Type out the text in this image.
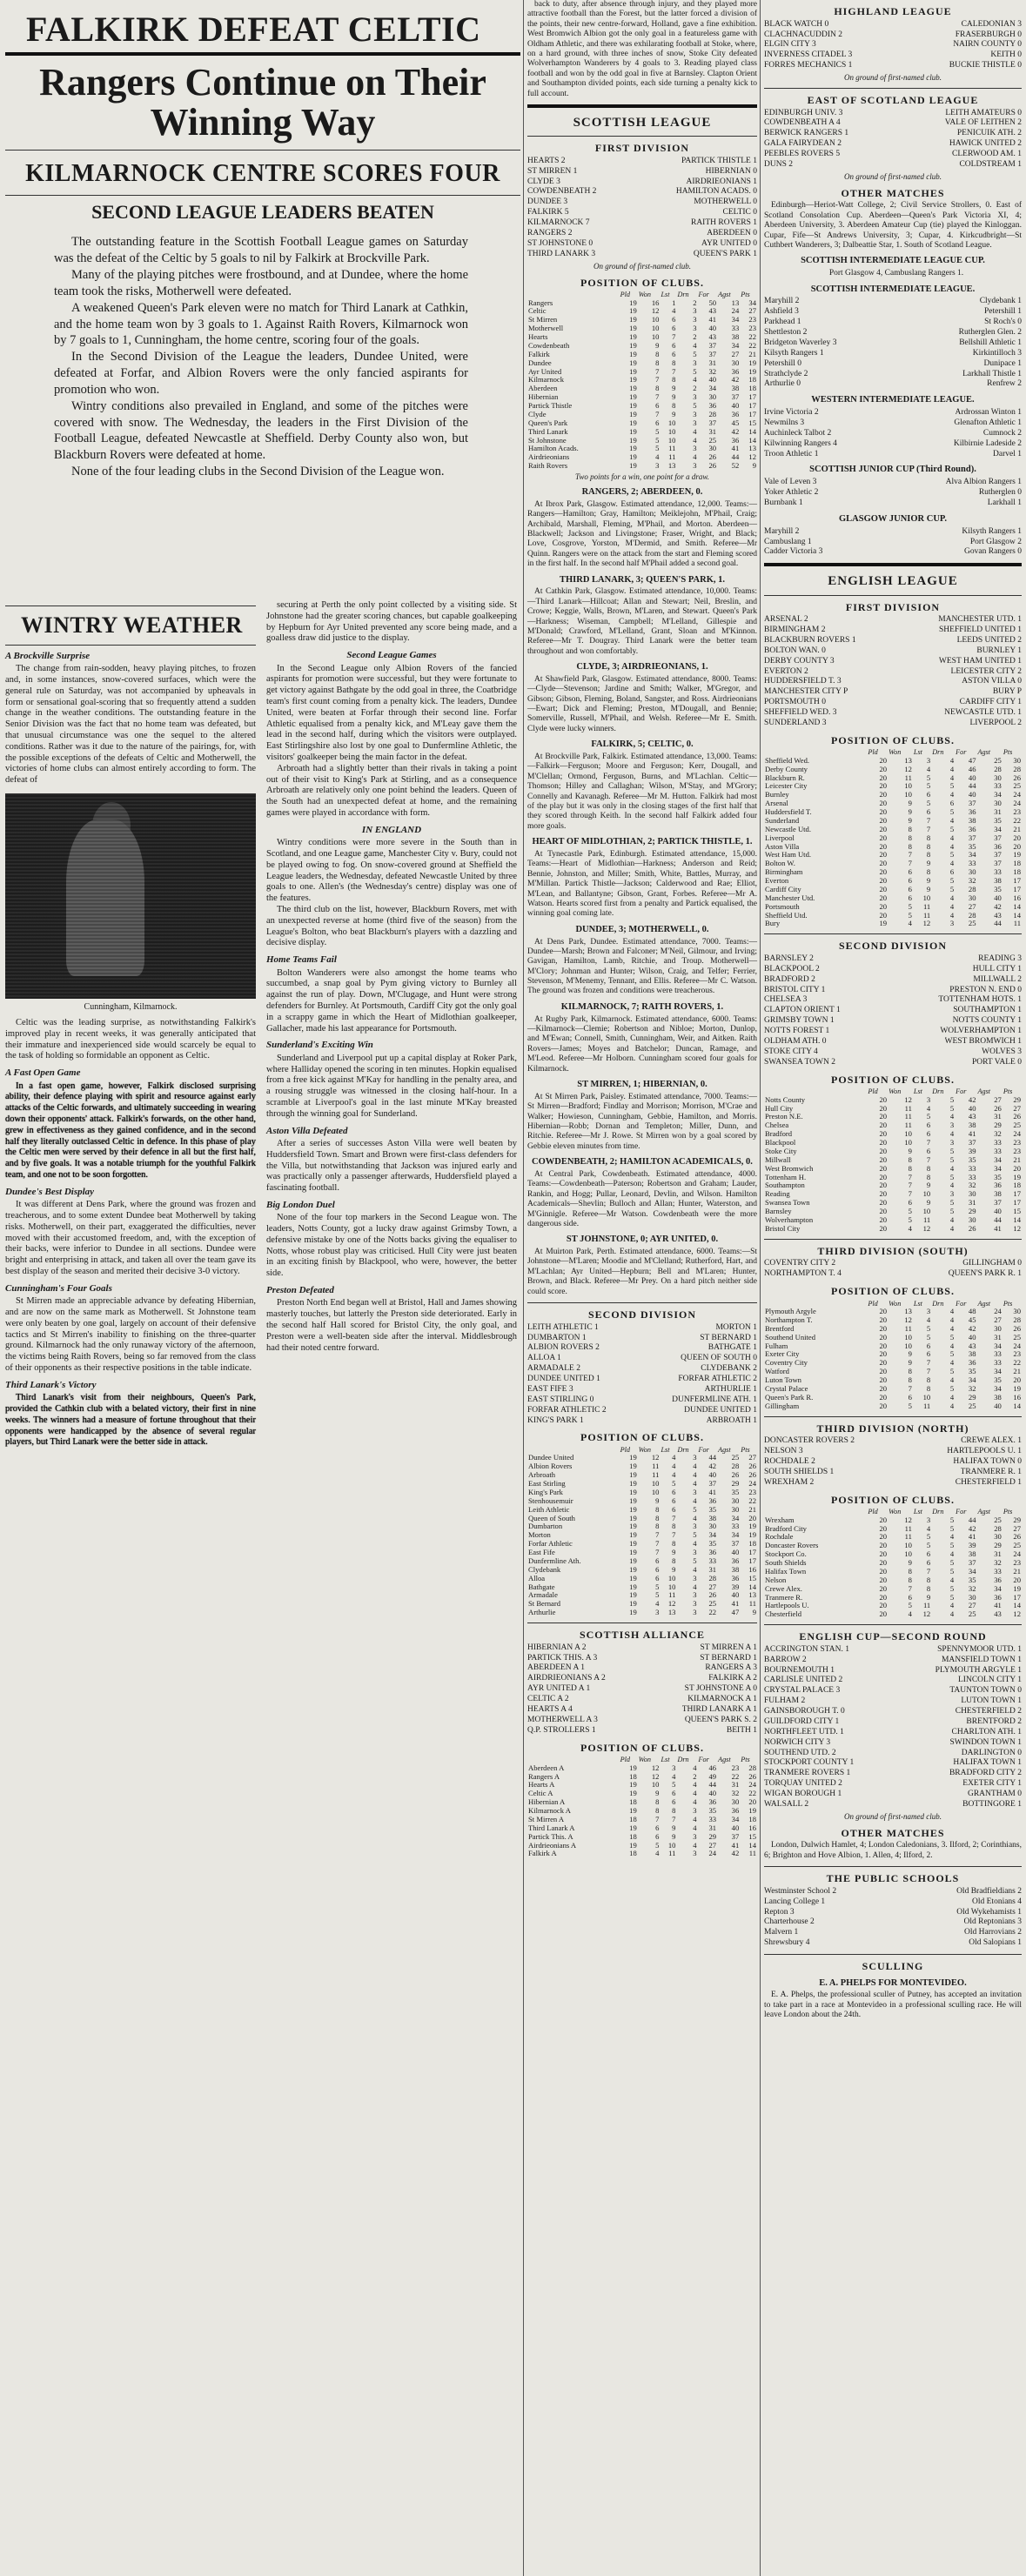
FALKIRK DEFEAT CELTIC
Rangers Continue on Their Winning Way
KILMARNOCK CENTRE SCORES FOUR
SECOND LEAGUE LEADERS BEATEN

The outstanding feature in the Scottish Football League games on Saturday was the defeat of the Celtic by 5 goals to nil by Falkirk at Brockville Park.

Many of the playing pitches were frostbound, and at Dundee, where the home team took the risks, Motherwell were defeated.

A weakened Queen's Park eleven were no match for Third Lanark at Cathkin, and the home team won by 3 goals to 1. Against Raith Rovers, Kilmarnock won by 7 goals to 1, Cunningham, the home centre, scoring four of the goals.

In the Second Division of the League the leaders, Dundee United, were defeated at Forfar, and Albion Rovers were the only fancied aspirants for promotion who won.

Wintry conditions also prevailed in England, and some of the pitches were covered with snow. The Wednesday, the leaders in the First Division of the Football League, defeated Newcastle at Sheffield. Derby County also won, but Blackburn Rovers were defeated at home.

None of the four leading clubs in the Second Division of the League won.

WINTRY WEATHER
A Brockville Surprise

The change from rain-sodden, heavy playing pitches, to frozen and, in some instances, snow-covered surfaces, which were the general rule on Saturday, was not accompanied by upheavals in form or sensational goal-scoring that so frequently attend a sudden change in the weather conditions. The outstanding feature in the Senior Division was the fact that no home team was defeated, but that unusual circumstance was one the sequel to the altered conditions. Rather was it due to the nature of the pairings, for, with the possible exceptions of the defeats of Celtic and Motherwell, the victories of home clubs can almost entirely according to form. The defeat of

Cunningham, Kilmarnock.

Celtic was the leading surprise, as notwithstanding Falkirk's improved play in recent weeks, it was generally anticipated that their immature and inexperienced side would scarcely be equal to the task of holding so formidable an opponent as Celtic.

A Fast Open Game

In a fast open game, however, Falkirk disclosed surprising ability, their defence playing with spirit and resource against early attacks of the Celtic forwards, and ultimately succeeding in wearing down their opponents' attack. Falkirk's forwards, on the other hand, grew in effectiveness as they gained confidence, and in the second half they literally outclassed Celtic in defence. In this phase of play the Celtic men were served by their defence in all but the first half, and by five goals. It was a notable triumph for the youthful Falkirk team, and one not to be soon forgotten.

Dundee's Best Display

It was different at Dens Park, where the ground was frozen and treacherous, and to some extent Dundee beat Motherwell by taking risks. Motherwell, on their part, exaggerated the difficulties, never moved with their accustomed freedom, and, with the exception of their backs, were inferior to Dundee in all sections. Dundee were bright and enterprising in attack, and taken all over the team gave its best display of the season and merited their decisive 3-0 victory.

Cunningham's Four Goals

St Mirren made an appreciable advance by defeating Hibernian, and are now on the same mark as Motherwell. St Johnstone team were only beaten by one goal, largely on account of their defensive tactics and St Mirren's inability to finishing on the three-quarter ground. Kilmarnock had the only runaway victory of the afternoon, the victims being Raith Rovers, being so far removed from the class of their opponents as their respective positions in the table indicate.

Third Lanark's Victory

Third Lanark's visit from their neighbours, Queen's Park, provided the Cathkin club with a belated victory, their first in nine weeks. The winners had a measure of fortune throughout that their opponents were handicapped by the absence of several regular players, but Third Lanark were the better side in attack.

securing at Perth the only point collected by a visiting side. St Johnstone had the greater scoring chances, but capable goalkeeping by Hepburn for Ayr United prevented any score being made, and a goalless draw did justice to the display.

Second League Games

In the Second League only Albion Rovers of the fancied aspirants for promotion were successful, but they were fortunate to get victory against Bathgate by the odd goal in three, the Coatbridge team's first count coming from a penalty kick. The leaders, Dundee United, were beaten at Forfar through their second line. Forfar Athletic equalised from a penalty kick, and M'Leay gave them the lead in the second half, during which the visitors were outplayed. East Stirlingshire also lost by one goal to Dunfermline Athletic, the visitors' goalkeeper being the main factor in the defeat.

Arbroath had a slightly better than their rivals in taking a point out of their visit to King's Park at Stirling, and as a consequence Arbroath are relatively only one point behind the leaders. Queen of the South had an unexpected defeat at home, and the remaining games were played in accordance with form.

IN ENGLAND

Wintry conditions were more severe in the South than in Scotland, and one League game, Manchester City v. Bury, could not be played owing to fog. On snow-covered ground at Sheffield the League leaders, the Wednesday, defeated Newcastle United by three goals to one. Allen's (the Wednesday's centre) display was one of the features.

The third club on the list, however, Blackburn Rovers, met with an unexpected reverse at home (third five of the season) from the League's Bolton, who beat Blackburn's players with a dazzling and decisive display.

Home Teams Fail

Bolton Wanderers were also amongst the home teams who succumbed, a snap goal by Pym giving victory to Burnley all against the run of play. Down, M'Clugage, and Hunt were strong defenders for Burnley. At Portsmouth, Cardiff City got the only goal in a scrappy game in which the Heart of Midlothian goalkeeper, Gallacher, made his last appearance for Portsmouth.

Sunderland's Exciting Win

Sunderland and Liverpool put up a capital display at Roker Park, where Halliday opened the scoring in ten minutes. Hopkin equalised from a free kick against M'Kay for handling in the penalty area, and a rousing struggle was witnessed in the closing half-hour. In a scramble at Liverpool's goal in the last minute M'Kay breasted through the winning goal for Sunderland.

Aston Villa Defeated

After a series of successes Aston Villa were well beaten by Huddersfield Town. Smart and Brown were first-class defenders for the Villa, but notwithstanding that Jackson was injured early and was practically only a passenger afterwards, Huddersfield played a fascinating football.

Big London Duel

None of the four top markers in the Second League won. The leaders, Notts County, got a lucky draw against Grimsby Town, a defensive mistake by one of the Notts backs giving the equaliser to Notts, whose robust play was criticised. Hull City were just beaten in an exciting finish by Blackpool, who were, however, the better side.

Preston Defeated

Preston North End began well at Bristol, Hall and James showing masterly touches, but latterly the Preston side deteriorated. Early in the second half Hall scored for Bristol City, the only goal, and Preston were a well-beaten side after the interval. Middlesbrough had their noted centre forward.

back to duty, after absence through injury, and they played more attractive football than the Forest, but the latter forced a division of the points, their new centre-forward, Holland, gave a fine exhibition. West Bromwich Albion got the only goal in a featureless game with Oldham Athletic, and there was exhilarating football at Stoke, where, on a hard ground, with three inches of snow, Stoke City defeated Wolverhampton Wanderers by 4 goals to 3. Reading played class football and won by the odd goal in five at Barnsley. Clapton Orient and Southampton divided points, each side turning a penalty kick to full account.

SCOTTISH LEAGUE
FIRST DIVISION
HEARTS 2	PARTICK THISTLE 1
ST MIRREN 1	HIBERNIAN 0
CLYDE 3	AIRDRIEONIANS 1
COWDENBEATH 2	HAMILTON ACADS. 0
DUNDEE 3	MOTHERWELL 0
FALKIRK 5	CELTIC 0
KILMARNOCK 7	RAITH ROVERS 1
RANGERS 2	ABERDEEN 0
ST JOHNSTONE 0	AYR UNITED 0
THIRD LANARK 3	QUEEN'S PARK 1
On ground of first-named club.
POSITION OF CLUBS.
	Pld	Won	Lst	Drn	For	Agst	Pts
Rangers	19	16	1	2	50	13	34
Celtic	19	12	4	3	43	24	27
St Mirren	19	10	6	3	41	34	23
Motherwell	19	10	6	3	40	33	23
Hearts	19	10	7	2	43	38	22
Cowdenbeath	19	9	6	4	37	34	22
Falkirk	19	8	6	5	37	27	21
Dundee	19	8	8	3	31	30	19
Ayr United	19	7	7	5	32	36	19
Kilmarnock	19	7	8	4	40	42	18
Aberdeen	19	8	9	2	34	38	18
Hibernian	19	7	9	3	30	37	17
Partick Thistle	19	6	8	5	36	40	17
Clyde	19	7	9	3	28	36	17
Queen's Park	19	6	10	3	37	45	15
Third Lanark	19	5	10	4	31	42	14
St Johnstone	19	5	10	4	25	36	14
Hamilton Acads.	19	5	11	3	30	41	13
Airdrieonians	19	4	11	4	26	44	12
Raith Rovers	19	3	13	3	26	52	9
Two points for a win, one point for a draw.
RANGERS, 2; ABERDEEN, 0.

At Ibrox Park, Glasgow. Estimated attendance, 12,000. Teams:—Rangers—Hamilton; Gray, Hamilton; Meiklejohn, M'Phail, Craig; Archibald, Marshall, Fleming, M'Phail, and Morton. Aberdeen—Blackwell; Jackson and Livingstone; Fraser, Wright, and Black; Love, Cosgrove, Yorston, M'Dermid, and Smith. Referee—Mr Quinn. Rangers were on the attack from the start and Fleming scored in the first half. In the second half M'Phail added a second goal.

THIRD LANARK, 3; QUEEN'S PARK, 1.

At Cathkin Park, Glasgow. Estimated attendance, 10,000. Teams:—Third Lanark—Hillcoat; Allan and Stewart; Neil, Breslin, and Crowe; Keggie, Walls, Brown, M'Laren, and Stewart. Queen's Park—Harkness; Wiseman, Campbell; M'Lelland, Gillespie and M'Donald; Crawford, M'Lelland, Grant, Sloan and M'Kinnon. Referee—Mr T. Dougray. Third Lanark were the better team throughout and won comfortably.

CLYDE, 3; AIRDRIEONIANS, 1.

At Shawfield Park, Glasgow. Estimated attendance, 8000. Teams:—Clyde—Stevenson; Jardine and Smith; Walker, M'Gregor, and Gibson; Gibson, Fleming, Boland, Sangster, and Ross. Airdrieonians—Ewart; Dick and Fleming; Preston, M'Dougall, and Bennie; Somerville, Russell, M'Phail, and Welsh. Referee—Mr E. Smith. Clyde were lucky winners.

FALKIRK, 5; CELTIC, 0.

At Brockville Park, Falkirk. Estimated attendance, 13,000. Teams:—Falkirk—Ferguson; Moore and Ferguson; Kerr, Dougall, and M'Clellan; Ormond, Ferguson, Burns, and M'Lachlan. Celtic—Thomson; Hilley and Callaghan; Wilson, M'Stay, and M'Grory; Connelly and Kavanagh. Referee—Mr M. Hutton. Falkirk had most of the play but it was only in the closing stages of the first half that they scored through Keith. In the second half Falkirk added four more goals.

HEART OF MIDLOTHIAN, 2; PARTICK THISTLE, 1.

At Tynecastle Park, Edinburgh. Estimated attendance, 15,000. Teams:—Heart of Midlothian—Harkness; Anderson and Reid; Bennie, Johnston, and Miller; Smith, White, Battles, Murray, and M'Millan. Partick Thistle—Jackson; Calderwood and Rae; Elliot, M'Lean, and Ballantyne; Gibson, Grant, Forbes. Referee—Mr A. Watson. Hearts scored first from a penalty and Partick equalised, the winning goal coming late.

DUNDEE, 3; MOTHERWELL, 0.

At Dens Park, Dundee. Estimated attendance, 7000. Teams:—Dundee—Marsh; Brown and Falconer; M'Neil, Gilmour, and Irving; Gavigan, Hamilton, Lamb, Ritchie, and Troup. Motherwell—M'Clory; Johnman and Hunter; Wilson, Craig, and Telfer; Ferrier, Stevenson, M'Menemy, Tennant, and Ellis. Referee—Mr C. Watson. The ground was frozen and conditions were treacherous.

KILMARNOCK, 7; RAITH ROVERS, 1.

At Rugby Park, Kilmarnock. Estimated attendance, 6000. Teams:—Kilmarnock—Clemie; Robertson and Nibloe; Morton, Dunlop, and M'Ewan; Connell, Smith, Cunningham, Weir, and Aitken. Raith Rovers—James; Moyes and Batchelor; Duncan, Ramage, and M'Leod. Referee—Mr Holborn. Cunningham scored four goals for Kilmarnock.

ST MIRREN, 1; HIBERNIAN, 0.

At St Mirren Park, Paisley. Estimated attendance, 7000. Teams:—St Mirren—Bradford; Findlay and Morrison; Morrison, M'Crae and Walker; Howieson, Cunningham, Gebbie, Hamilton, and Morris. Hibernian—Robb; Dornan and Templeton; Miller, Dunn, and Ritchie. Referee—Mr J. Rowe. St Mirren won by a goal scored by Gebbie eleven minutes from time.

COWDENBEATH, 2; HAMILTON ACADEMICALS, 0.

At Central Park, Cowdenbeath. Estimated attendance, 4000. Teams:—Cowdenbeath—Paterson; Robertson and Graham; Lauder, Rankin, and Hogg; Pullar, Leonard, Devlin, and Wilson. Hamilton Academicals—Shevlin; Bulloch and Allan; Hunter, Waterston, and M'Ginnigle. Referee—Mr Watson. Cowdenbeath were the more dangerous side.

ST JOHNSTONE, 0; AYR UNITED, 0.

At Muirton Park, Perth. Estimated attendance, 6000. Teams:—St Johnstone—M'Laren; Moodie and M'Clelland; Rutherford, Hart, and M'Lachlan; Ayr United—Hepburn; Bell and M'Laren; Hunter, Brown, and Black. Referee—Mr Prey. On a hard pitch neither side could score.

SECOND DIVISION
LEITH ATHLETIC 1	MORTON 1
DUMBARTON 1	ST BERNARD 1
ALBION ROVERS 2	BATHGATE 1
ALLOA 1	QUEEN OF SOUTH 0
ARMADALE 2	CLYDEBANK 2
DUNDEE UNITED 1	FORFAR ATHLETIC 2
EAST FIFE 3	ARTHURLIE 1
EAST STIRLING 0	DUNFERMLINE ATH. 1
FORFAR ATHLETIC 2	DUNDEE UNITED 1
KING'S PARK 1	ARBROATH 1
POSITION OF CLUBS.
	Pld	Won	Lst	Drn	For	Agst	Pts
Dundee United	19	12	4	3	44	25	27
Albion Rovers	19	11	4	4	42	28	26
Arbroath	19	11	4	4	40	26	26
East Stirling	19	10	5	4	37	29	24
King's Park	19	10	6	3	41	35	23
Stenhousemuir	19	9	6	4	36	30	22
Leith Athletic	19	8	6	5	35	30	21
Queen of South	19	8	7	4	38	34	20
Dumbarton	19	8	8	3	30	33	19
Morton	19	7	7	5	34	34	19
Forfar Athletic	19	7	8	4	35	37	18
East Fife	19	7	9	3	36	40	17
Dunfermline Ath.	19	6	8	5	33	36	17
Clydebank	19	6	9	4	31	38	16
Alloa	19	6	10	3	28	36	15
Bathgate	19	5	10	4	27	39	14
Armadale	19	5	11	3	26	40	13
St Bernard	19	4	12	3	25	41	11
Arthurlie	19	3	13	3	22	47	9
SCOTTISH ALLIANCE
HIBERNIAN A 2	ST MIRREN A 1
PARTICK THIS. A 3	ST BERNARD 1
ABERDEEN A 1	RANGERS A 3
AIRDRIEONIANS A 2	FALKIRK A 2
AYR UNITED A 1	ST JOHNSTONE A 0
CELTIC A 2	KILMARNOCK A 1
HEARTS A 4	THIRD LANARK A 1
MOTHERWELL A 3	QUEEN'S PARK S. 2
Q.P. STROLLERS 1	BEITH 1
POSITION OF CLUBS.
	Pld	Won	Lst	Drn	For	Agst	Pts
Aberdeen A	19	12	3	4	46	23	28
Rangers A	18	12	4	2	49	22	26
Hearts A	19	10	5	4	44	31	24
Celtic A	19	9	6	4	40	32	22
Hibernian A	18	8	6	4	36	30	20
Kilmarnock A	19	8	8	3	35	36	19
St Mirren A	18	7	7	4	33	34	18
Third Lanark A	19	6	9	4	31	40	16
Partick This. A	18	6	9	3	29	37	15
Airdrieonians A	19	5	10	4	27	41	14
Falkirk A	18	4	11	3	24	42	11
HIGHLAND LEAGUE
BLACK WATCH 0	CALEDONIAN 3
CLACHNACUDDIN 2	FRASERBURGH 0
ELGIN CITY 3	NAIRN COUNTY 0
INVERNESS CITADEL 3	KEITH 0
FORRES MECHANICS 1	BUCKIE THISTLE 0
On ground of first-named club.
EAST OF SCOTLAND LEAGUE
EDINBURGH UNIV. 3	LEITH AMATEURS 0
COWDENBEATH A 4	VALE OF LEITHEN 2
BERWICK RANGERS 1	PENICUIK ATH. 2
GALA FAIRYDEAN 2	HAWICK UNITED 2
PEEBLES ROVERS 5	CLERWOOD AM. 1
DUNS 2	COLDSTREAM 1
On ground of first-named club.
OTHER MATCHES

Edinburgh—Heriot-Watt College, 2; Civil Service Strollers, 0. East of Scotland Consolation Cup. Aberdeen—Queen's Park Victoria XI, 4; Aberdeen University, 3. Aberdeen Amateur Cup (tie) played the Kinloggan. Cupar, Fife—St Andrews University, 3; Cupar, 4. Kirkcudbright—St Cuthbert Wanderers, 3; Dalbeattie Star, 1. South of Scotland League.

SCOTTISH INTERMEDIATE LEAGUE CUP.

Port Glasgow 4, Cambuslang Rangers 1.

SCOTTISH INTERMEDIATE LEAGUE.
Maryhill 2	Clydebank 1
Ashfield 3	Petershill 1
Parkhead 1	St Roch's 0
Shettleston 2	Rutherglen Glen. 2
Bridgeton Waverley 3	Bellshill Athletic 1
Kilsyth Rangers 1	Kirkintilloch 3
Petershill 0	Dunipace 1
Strathclyde 2	Larkhall Thistle 1
Arthurlie 0	Renfrew 2
WESTERN INTERMEDIATE LEAGUE.
Irvine Victoria 2	Ardrossan Winton 1
Newmilns 3	Glenafton Athletic 1
Auchinleck Talbot 2	Cumnock 2
Kilwinning Rangers 4	Kilbirnie Ladeside 2
Troon Athletic 1	Darvel 1
SCOTTISH JUNIOR CUP (Third Round).
Vale of Leven 3	Alva Albion Rangers 1
Yoker Athletic 2	Rutherglen 0
Burnbank 1	Larkhall 1
GLASGOW JUNIOR CUP.
Maryhill 2	Kilsyth Rangers 1
Cambuslang 1	Port Glasgow 2
Cadder Victoria 3	Govan Rangers 0
ENGLISH LEAGUE
FIRST DIVISION
ARSENAL 2	MANCHESTER UTD. 1
BIRMINGHAM 2	SHEFFIELD UNITED 1
BLACKBURN ROVERS 1	LEEDS UNITED 2
BOLTON WAN. 0	BURNLEY 1
DERBY COUNTY 3	WEST HAM UNITED 1
EVERTON 2	LEICESTER CITY 2
HUDDERSFIELD T. 3	ASTON VILLA 0
MANCHESTER CITY P	BURY P
PORTSMOUTH 0	CARDIFF CITY 1
SHEFFIELD WED. 3	NEWCASTLE UTD. 1
SUNDERLAND 3	LIVERPOOL 2
POSITION OF CLUBS.
	Pld	Won	Lst	Drn	For	Agst	Pts
Sheffield Wed.	20	13	3	4	47	25	30
Derby County	20	12	4	4	46	28	28
Blackburn R.	20	11	5	4	40	30	26
Leicester City	20	10	5	5	44	33	25
Burnley	20	10	6	4	40	34	24
Arsenal	20	9	5	6	37	30	24
Huddersfield T.	20	9	6	5	36	31	23
Sunderland	20	9	7	4	38	35	22
Newcastle Utd.	20	8	7	5	36	34	21
Liverpool	20	8	8	4	37	37	20
Aston Villa	20	8	8	4	35	36	20
West Ham Utd.	20	7	8	5	34	37	19
Bolton W.	20	7	9	4	33	37	18
Birmingham	20	6	8	6	30	33	18
Everton	20	6	9	5	32	38	17
Cardiff City	20	6	9	5	28	35	17
Manchester Utd.	20	6	10	4	30	40	16
Portsmouth	20	5	11	4	27	42	14
Sheffield Utd.	20	5	11	4	28	43	14
Bury	19	4	12	3	25	44	11
SECOND DIVISION
BARNSLEY 2	READING 3
BLACKPOOL 2	HULL CITY 1
BRADFORD 2	MILLWALL 2
BRISTOL CITY 1	PRESTON N. END 0
CHELSEA 3	TOTTENHAM HOTS. 1
CLAPTON ORIENT 1	SOUTHAMPTON 1
GRIMSBY TOWN 1	NOTTS COUNTY 1
NOTTS FOREST 1	WOLVERHAMPTON 1
OLDHAM ATH. 0	WEST BROMWICH 1
STOKE CITY 4	WOLVES 3
SWANSEA TOWN 2	PORT VALE 0
POSITION OF CLUBS.
	Pld	Won	Lst	Drn	For	Agst	Pts
Notts County	20	12	3	5	42	27	29
Hull City	20	11	4	5	40	26	27
Preston N.E.	20	11	5	4	43	31	26
Chelsea	20	11	6	3	38	29	25
Bradford	20	10	6	4	41	32	24
Blackpool	20	10	7	3	37	33	23
Stoke City	20	9	6	5	39	33	23
Millwall	20	8	7	5	35	34	21
West Bromwich	20	8	8	4	33	34	20
Tottenham H.	20	7	8	5	33	35	19
Southampton	20	7	9	4	32	36	18
Reading	20	7	10	3	30	38	17
Swansea Town	20	6	9	5	31	37	17
Barnsley	20	5	10	5	29	40	15
Wolverhampton	20	5	11	4	30	44	14
Bristol City	20	4	12	4	26	41	12
THIRD DIVISION (SOUTH)
COVENTRY CITY 2	GILLINGHAM 0
NORTHAMPTON T. 4	QUEEN'S PARK R. 1
POSITION OF CLUBS.
	Pld	Won	Lst	Drn	For	Agst	Pts
Plymouth Argyle	20	13	3	4	48	24	30
Northampton T.	20	12	4	4	45	27	28
Brentford	20	11	5	4	42	30	26
Southend United	20	10	5	5	40	31	25
Fulham	20	10	6	4	43	34	24
Exeter City	20	9	6	5	38	33	23
Coventry City	20	9	7	4	36	33	22
Watford	20	8	7	5	35	34	21
Luton Town	20	8	8	4	34	35	20
Crystal Palace	20	7	8	5	32	34	19
Queen's Park R.	20	6	10	4	29	38	16
Gillingham	20	5	11	4	25	40	14
THIRD DIVISION (NORTH)
DONCASTER ROVERS 2	CREWE ALEX. 1
NELSON 3	HARTLEPOOLS U. 1
ROCHDALE 2	HALIFAX TOWN 0
SOUTH SHIELDS 1	TRANMERE R. 1
WREXHAM 2	CHESTERFIELD 1
POSITION OF CLUBS.
	Pld	Won	Lst	Drn	For	Agst	Pts
Wrexham	20	12	3	5	44	25	29
Bradford City	20	11	4	5	42	28	27
Rochdale	20	11	5	4	41	30	26
Doncaster Rovers	20	10	5	5	39	29	25
Stockport Co.	20	10	6	4	38	31	24
South Shields	20	9	6	5	37	32	23
Halifax Town	20	8	7	5	34	33	21
Nelson	20	8	8	4	35	36	20
Crewe Alex.	20	7	8	5	32	34	19
Tranmere R.	20	6	9	5	30	36	17
Hartlepools U.	20	5	11	4	27	41	14
Chesterfield	20	4	12	4	25	43	12
ENGLISH CUP—SECOND ROUND
ACCRINGTON STAN. 1	SPENNYMOOR UTD. 1
BARROW 2	MANSFIELD TOWN 1
BOURNEMOUTH 1	PLYMOUTH ARGYLE 1
CARLISLE UNITED 2	LINCOLN CITY 1
CRYSTAL PALACE 3	TAUNTON TOWN 0
FULHAM 2	LUTON TOWN 1
GAINSBOROUGH T. 0	CHESTERFIELD 2
GUILDFORD CITY 1	BRENTFORD 2
NORTHFLEET UTD. 1	CHARLTON ATH. 1
NORWICH CITY 3	SWINDON TOWN 1
SOUTHEND UTD. 2	DARLINGTON 0
STOCKPORT COUNTY 1	HALIFAX TOWN 1
TRANMERE ROVERS 1	BRADFORD CITY 2
TORQUAY UNITED 2	EXETER CITY 1
WIGAN BOROUGH 1	GRANTHAM 0
WALSALL 2	BOTTINGORE 1
On ground of first-named club.
OTHER MATCHES

London, Dulwich Hamlet, 4; London Caledonians, 3. Ilford, 2; Corinthians, 6; Brighton and Hove Albion, 1. Allen, 4; Ilford, 2.

THE PUBLIC SCHOOLS
Westminster School 2	Old Bradfieldians 2
Lancing College 1	Old Etonians 4
Repton 3	Old Wykehamists 1
Charterhouse 2	Old Reptonians 3
Malvern 1	Old Harrovians 2
Shrewsbury 4	Old Salopians 1
SCULLING
E. A. PHELPS FOR MONTEVIDEO.

E. A. Phelps, the professional sculler of Putney, has accepted an invitation to take part in a race at Montevideo in a professional sculling race. He will leave London about the 24th.
